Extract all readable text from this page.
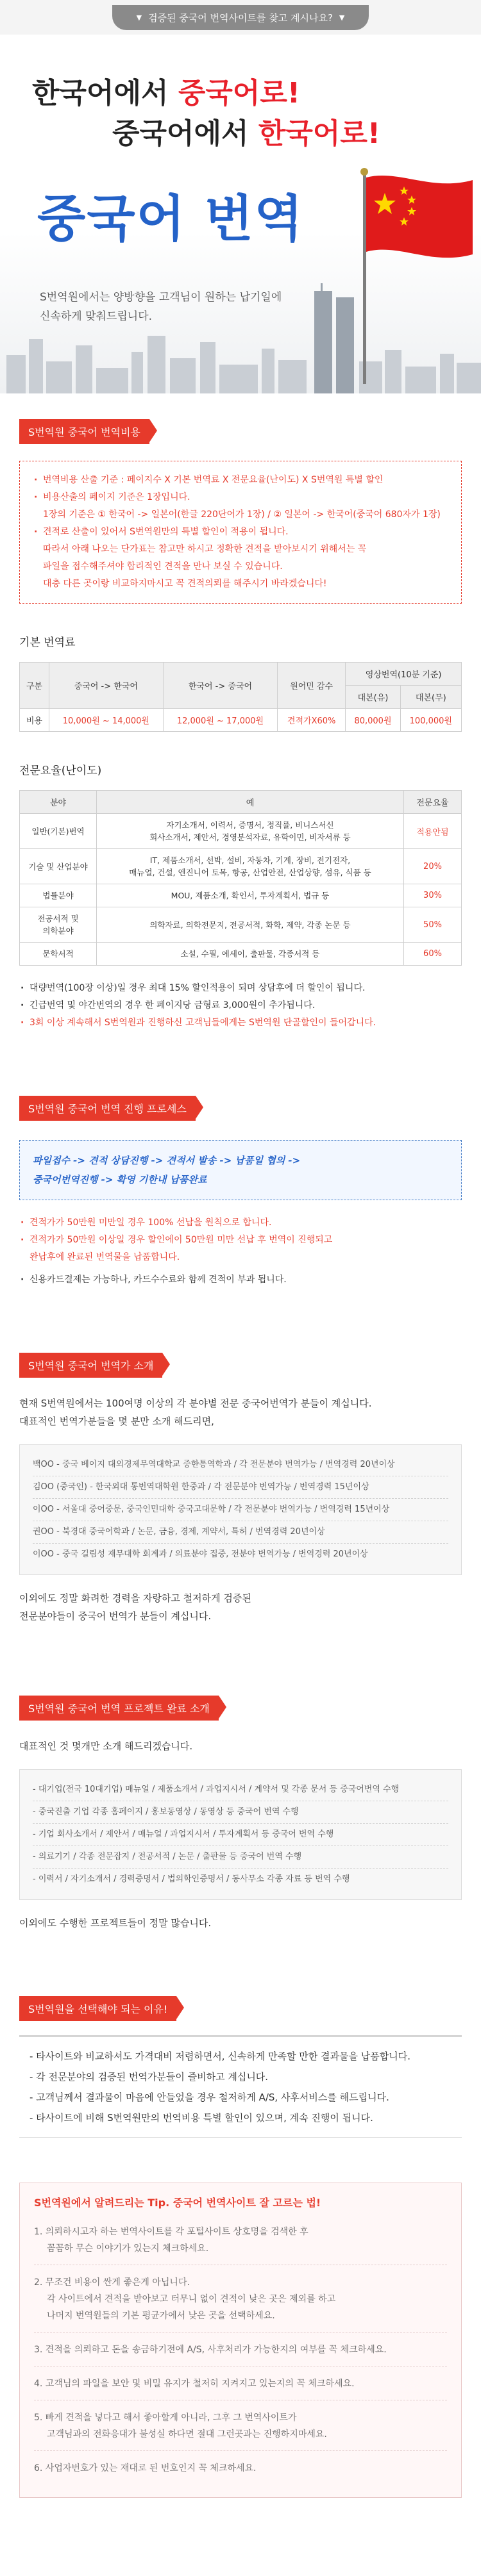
▼ 검증된 중국어 번역사이트를 찾고 계시나요? ▼
한국어에서 중국어로!
중국어에서 한국어로!
중국어 번역
S번역원에서는 양방향을 고객님이 원하는 납기일에
신속하게 맞춰드립니다.
S번역원 중국어 번역비용
· 번역비용 산출 기준 : 페이지수 X 기본 번역료 X 전문요율(난이도) X S번역원 특별 할인
· 비용산출의 페이지 기준은 1장입니다.
1장의 기준은 ① 한국어 -> 일본어(한글 220단어가 1장) / ② 일본어 -> 한국어(중국어 680자가 1장)
· 견적로 산출이 있어서 S번역원만의 특별 할인이 적용이 됩니다.
따라서 아래 나오는 단가표는 참고만 하시고 정확한 견적을 받아보시기 위해서는 꼭
파일을 접수해주셔야 합리적인 견적을 만나 보실 수 있습니다.
대충 다른 곳이랑 비교하지마시고 꼭 견적의뢰를 해주시기 바라겠습니다!
기본 번역료
구분	중국어 -> 한국어	한국어 -> 중국어	원어민 감수	영상번역(10분 기준)	
				대본(유)	대본(무)
비용	10,000원 ~ 14,000원	12,000원 ~ 17,000원	견적가X60%	80,000원	100,000원
전문요율(난이도)
분야	예	전문요율
일반(기본)번역	자기소개서, 이력서, 증명서, 정직률, 비니스서신
회사소개서, 제안서, 경영분석자료, 유학이민, 비자서류 등	적용안됨
기술 및 산업분야	IT, 제품소개서, 선박, 설비, 자동차, 기계, 장비, 전기전자,
매뉴얼, 건설, 엔진니어 토목, 항공, 산업안전, 산업상향, 섬유, 식품 등	20%
법률분야	MOU, 제품소개, 확인서, 투자계획서, 법규 등	30%
전공서적 및
의학분야	의학자료, 의학전문지, 전공서적, 화학, 제약, 각종 논문 등	50%
문학서적	소설, 수필, 에세이, 출판물, 각종서적 등	60%
· 대량번역(100장 이상)일 경우 최대 15% 할인적용이 되며 상담후에 더 할인이 됩니다.
· 긴급번역 및 야간번역의 경우 한 페이지당 금형료 3,000원이 추가됩니다.
· 3회 이상 계속해서 S번역원과 진행하신 고객님들에게는 S번역원 단골할인이 들어갑니다.
S번역원 중국어 번역 진행 프로세스
파일접수 -> 견적 상담진행 -> 견적서 발송 -> 납품일 협의 ->
중국어번역진행 -> 확영 기한내 납품완료
· 견적가가 50만원 미만일 경우 100% 선납을 원칙으로 합니다.
· 견적가가 50만원 이상일 경우 할인에이 50만원 미만 선납 후 번역이 진행되고
완납후에 완료된 번역물을 납품합니다.
· 신용카드결제는 가능하나, 카드수수료와 함께 견적이 부과 됩니다.
S번역원 중국어 번역가 소개
현재 S번역원에서는 100여명 이상의 각 분야별 전문 중국어번역가 분들이 계십니다.
대표적인 번역가분들을 몇 분만 소개 해드리면,
백OO - 중국 베이지 대외경제무역대학교 중한통역학과 / 각 전문분야 번역가능 / 번역경력 20년이상
김OO (중국인) - 한국외대 통번역대학원 한중과 / 각 전문분야 번역가능 / 번역경력 15년이상
이OO - 서울대 중어중문, 중국인민대학 중국고대문학 / 각 전문분야 번역가능 / 번역경력 15년이상
권OO - 북경대 중국어학과 / 논문, 금융, 경제, 계약서, 특허 / 번역경력 20년이상
이OO - 중국 길림성 재무대학 회계과 / 의료분야 집중, 전분야 번역가능 / 번역경력 20년이상
이외에도 정말 화려한 경력을 자랑하고 철저하게 검증된
전문분야들이 중국어 번역가 분들이 계십니다.
S번역원 중국어 번역 프로젝트 완료 소개
대표적인 것 몇개만 소개 해드리겠습니다.
- 대기업(전국 10대기업) 매뉴얼 / 제품소개서 / 과업지시서 / 계약서 및 각종 문서 등 중국어번역 수행
- 중국진출 기업 각종 홈페이지 / 홍보동영상 / 동영상 등 중국어 번역 수행
- 기업 회사소개서 / 제안서 / 매뉴얼 / 과업지시서 / 투자계획서 등 중국어 번역 수행
- 의료기기 / 각종 전문잡지 / 전공서적 / 논문 / 출판물 등 중국어 번역 수행
- 이력서 / 자기소개서 / 경력증명서 / 법의학인증명서 / 동사무소 각종 자료 등 번역 수행
이외에도 수행한 프로젝트들이 정말 많습니다.
S번역원을 선택해야 되는 이유!
- 타사이트와 비교하셔도 가격대비 저렴하면서, 신속하게 만족할 만한 결과물을 납품합니다.
- 각 전문분야의 검증된 번역가분들이 즐비하고 계십니다.
- 고객님께서 결과물이 마음에 안들었을 경우 철저하게 A/S, 사후서비스를 해드립니다.
- 타사이트에 비해 S번역원만의 번역비용 특별 할인이 있으며, 계속 진행이 됩니다.
S번역원에서 알려드리는 Tip. 중국어 번역사이트 잘 고르는 법!
1. 의뢰하시고자 하는 번역사이트를 각 포털사이트 상호명을 검색한 후
꼼꼼하 무슨 이야기가 있는지 체크하세요.
2. 무조건 비용이 싼게 좋은게 아닙니다.
각 사이트에서 견적을 받아보고 터무니 없이 견적이 낮은 곳은 제외를 하고
나머지 번역원들의 기본 평균가에서 낮은 곳을 선택하세요.
3. 견적을 의뢰하고 돈을 송금하기전에 A/S, 사후처리가 가능한지의 여부를 꼭 체크하세요.
4. 고객님의 파일을 보안 및 비밀 유지가 철저히 지켜지고 있는지의 꼭 체크하세요.
5. 빠게 견적을 넣다고 해서 좋아할게 아니라, 그후 그 번역사이트가
고객님과의 전화응대가 불성실 하다면 절대 그런곳과는 진행하지마세요.
6. 사업자번호가 있는 재대로 된 번호인지 꼭 체크하세요.
